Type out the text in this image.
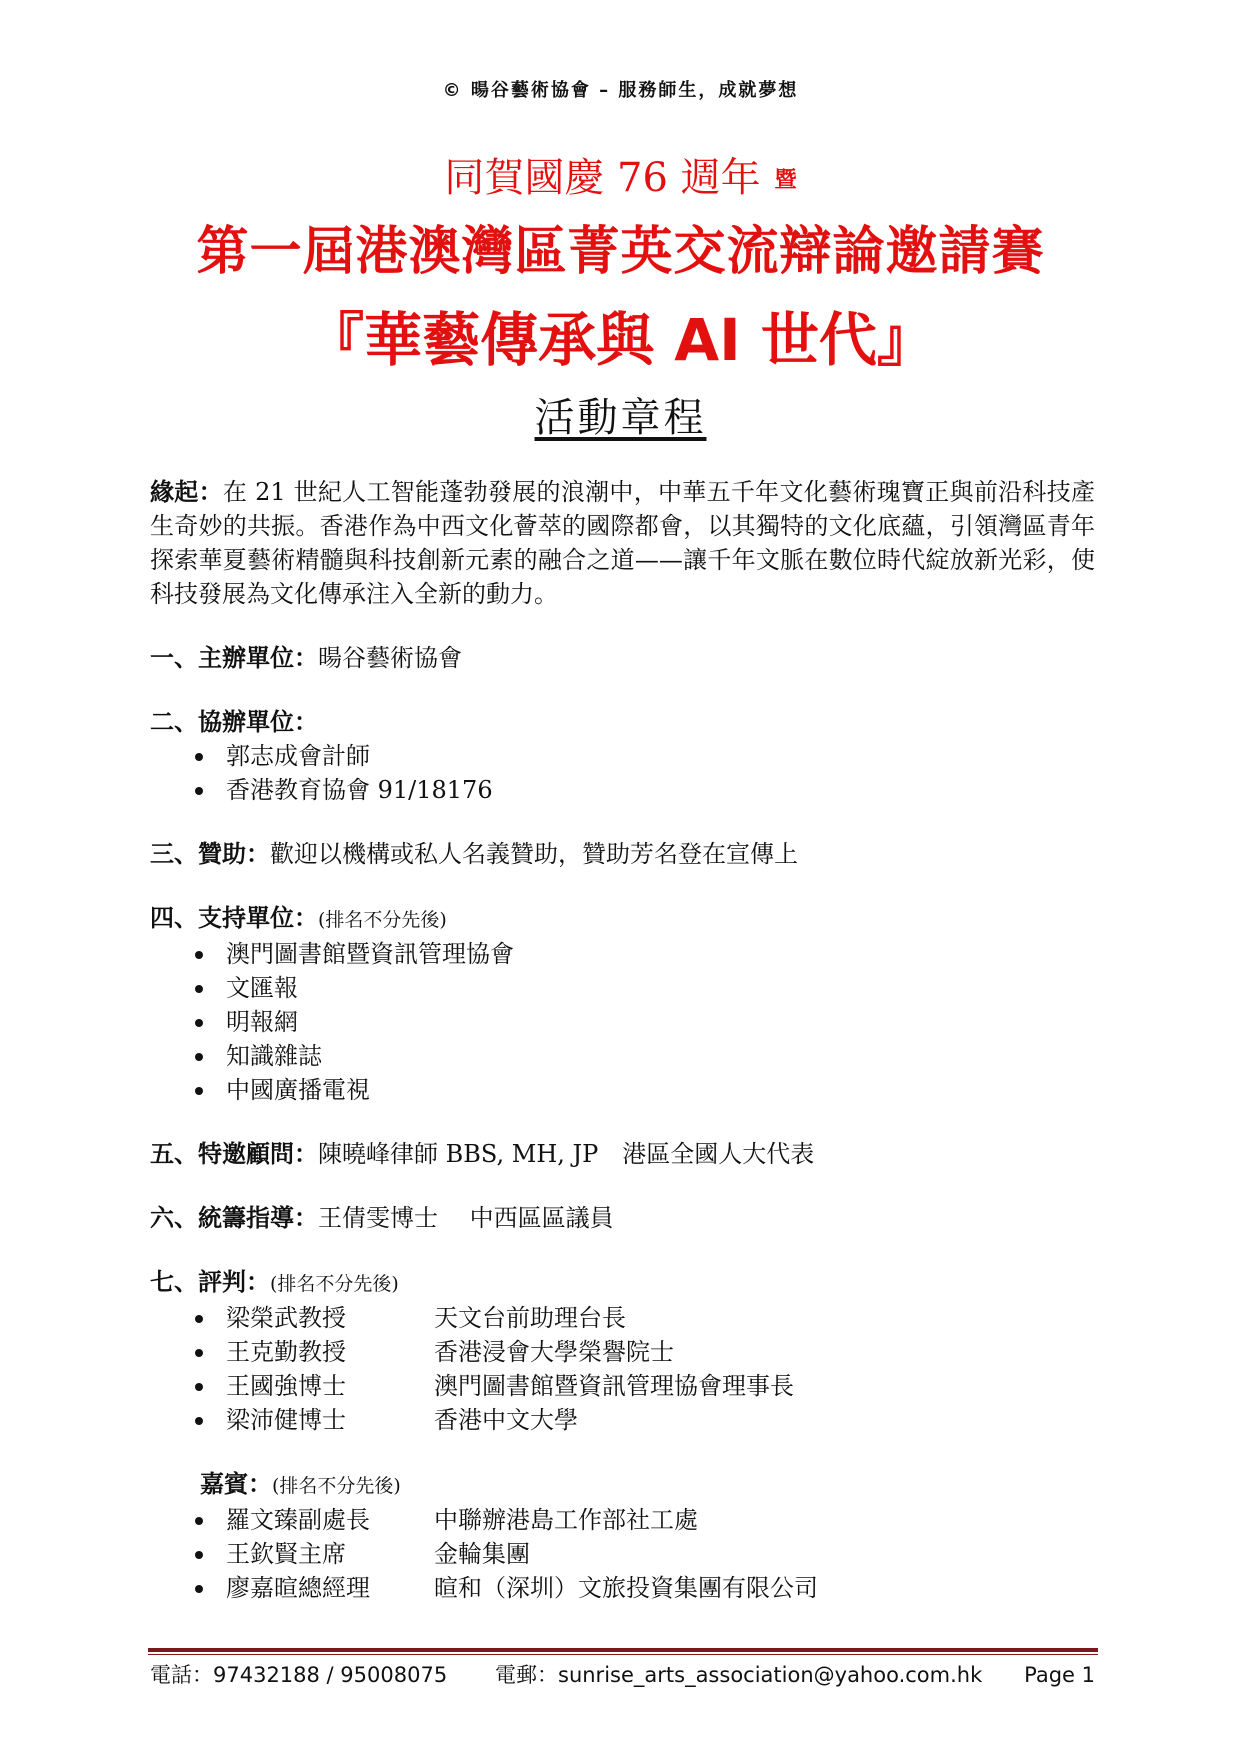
© 暘谷藝術協會 – 服務師生，成就夢想
同賀國慶 76 週年 暨
第一屆港澳灣區菁英交流辯論邀請賽
『華藝傳承與 AI 世代』
活動章程

緣起：在 21 世紀人工智能蓬勃發展的浪潮中，中華五千年文化藝術瑰寶正與前沿科技產生奇妙的共振。香港作為中西文化薈萃的國際都會，以其獨特的文化底蘊，引領灣區青年探索華夏藝術精髓與科技創新元素的融合之道——讓千年文脈在數位時代綻放新光彩，使科技發展為文化傳承注入全新的動力。

一、主辦單位：暘谷藝術協會

二、協辦單位：

郭志成會計師
香港教育協會 91/18176

三、贊助：歡迎以機構或私人名義贊助，贊助芳名登在宣傳上

四、支持單位：(排名不分先後)

澳門圖書館暨資訊管理協會
文匯報
明報網
知識雜誌
中國廣播電視

五、特邀顧問：陳曉峰律師 BBS, MH, JP　港區全國人大代表

六、統籌指導：王倩雯博士　 中西區區議員

七、評判：(排名不分先後)

梁榮武教授	天文台前助理台長
王克勤教授	香港浸會大學榮譽院士
王國強博士	澳門圖書館暨資訊管理協會理事長
梁沛健博士	香港中文大學

嘉賓：(排名不分先後)

羅文臻副處長	中聯辦港島工作部社工處
王欽賢主席	金輪集團
廖嘉暄總經理	暄和（深圳）文旅投資集團有限公司
電話：97432188 / 95008075 電郵：sunrise_arts_association@yahoo.com.hk Page 1
